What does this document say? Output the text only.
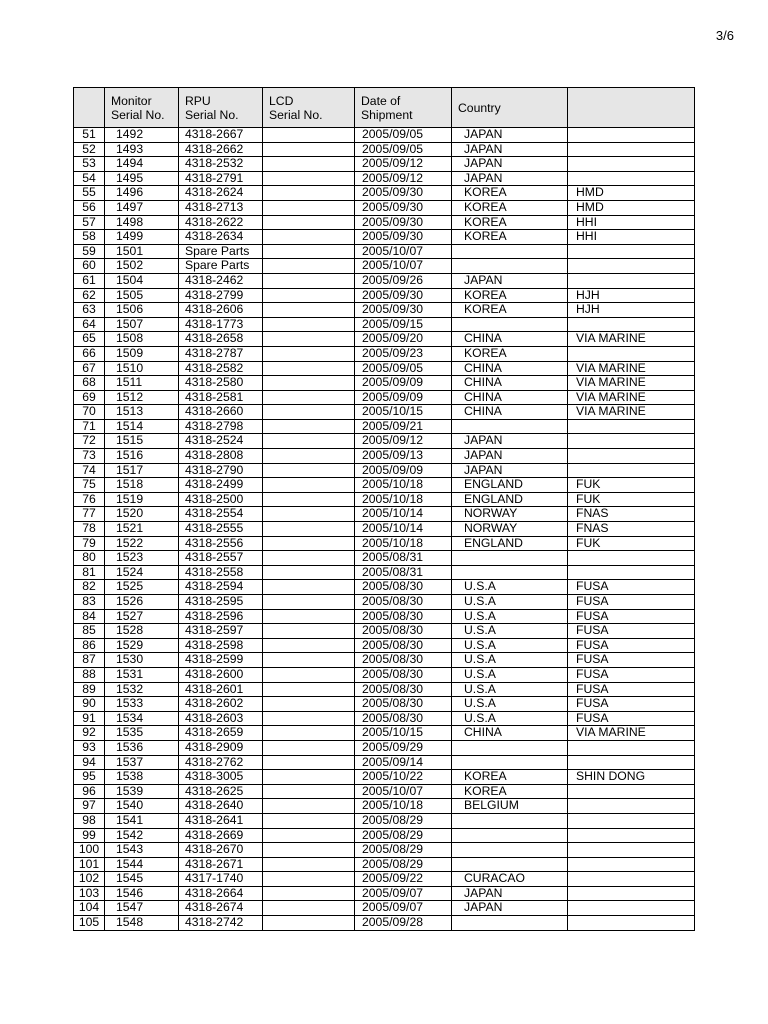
3/6
	Monitor
Serial No.	RPU
Serial No.	LCD
Serial No.	Date of
Shipment	Country	
51	1492	4318-2667		2005/09/05	JAPAN	
52	1493	4318-2662		2005/09/05	JAPAN	
53	1494	4318-2532		2005/09/12	JAPAN	
54	1495	4318-2791		2005/09/12	JAPAN	
55	1496	4318-2624		2005/09/30	KOREA	HMD
56	1497	4318-2713		2005/09/30	KOREA	HMD
57	1498	4318-2622		2005/09/30	KOREA	HHI
58	1499	4318-2634		2005/09/30	KOREA	HHI
59	1501	Spare Parts		2005/10/07		
60	1502	Spare Parts		2005/10/07		
61	1504	4318-2462		2005/09/26	JAPAN	
62	1505	4318-2799		2005/09/30	KOREA	HJH
63	1506	4318-2606		2005/09/30	KOREA	HJH
64	1507	4318-1773		2005/09/15		
65	1508	4318-2658		2005/09/20	CHINA	VIA MARINE
66	1509	4318-2787		2005/09/23	KOREA	
67	1510	4318-2582		2005/09/05	CHINA	VIA MARINE
68	1511	4318-2580		2005/09/09	CHINA	VIA MARINE
69	1512	4318-2581		2005/09/09	CHINA	VIA MARINE
70	1513	4318-2660		2005/10/15	CHINA	VIA MARINE
71	1514	4318-2798		2005/09/21		
72	1515	4318-2524		2005/09/12	JAPAN	
73	1516	4318-2808		2005/09/13	JAPAN	
74	1517	4318-2790		2005/09/09	JAPAN	
75	1518	4318-2499		2005/10/18	ENGLAND	FUK
76	1519	4318-2500		2005/10/18	ENGLAND	FUK
77	1520	4318-2554		2005/10/14	NORWAY	FNAS
78	1521	4318-2555		2005/10/14	NORWAY	FNAS
79	1522	4318-2556		2005/10/18	ENGLAND	FUK
80	1523	4318-2557		2005/08/31		
81	1524	4318-2558		2005/08/31		
82	1525	4318-2594		2005/08/30	U.S.A	FUSA
83	1526	4318-2595		2005/08/30	U.S.A	FUSA
84	1527	4318-2596		2005/08/30	U.S.A	FUSA
85	1528	4318-2597		2005/08/30	U.S.A	FUSA
86	1529	4318-2598		2005/08/30	U.S.A	FUSA
87	1530	4318-2599		2005/08/30	U.S.A	FUSA
88	1531	4318-2600		2005/08/30	U.S.A	FUSA
89	1532	4318-2601		2005/08/30	U.S.A	FUSA
90	1533	4318-2602		2005/08/30	U.S.A	FUSA
91	1534	4318-2603		2005/08/30	U.S.A	FUSA
92	1535	4318-2659		2005/10/15	CHINA	VIA MARINE
93	1536	4318-2909		2005/09/29		
94	1537	4318-2762		2005/09/14		
95	1538	4318-3005		2005/10/22	KOREA	SHIN DONG
96	1539	4318-2625		2005/10/07	KOREA	
97	1540	4318-2640		2005/10/18	BELGIUM	
98	1541	4318-2641		2005/08/29		
99	1542	4318-2669		2005/08/29		
100	1543	4318-2670		2005/08/29		
101	1544	4318-2671		2005/08/29		
102	1545	4317-1740		2005/09/22	CURACAO	
103	1546	4318-2664		2005/09/07	JAPAN	
104	1547	4318-2674		2005/09/07	JAPAN	
105	1548	4318-2742		2005/09/28		
